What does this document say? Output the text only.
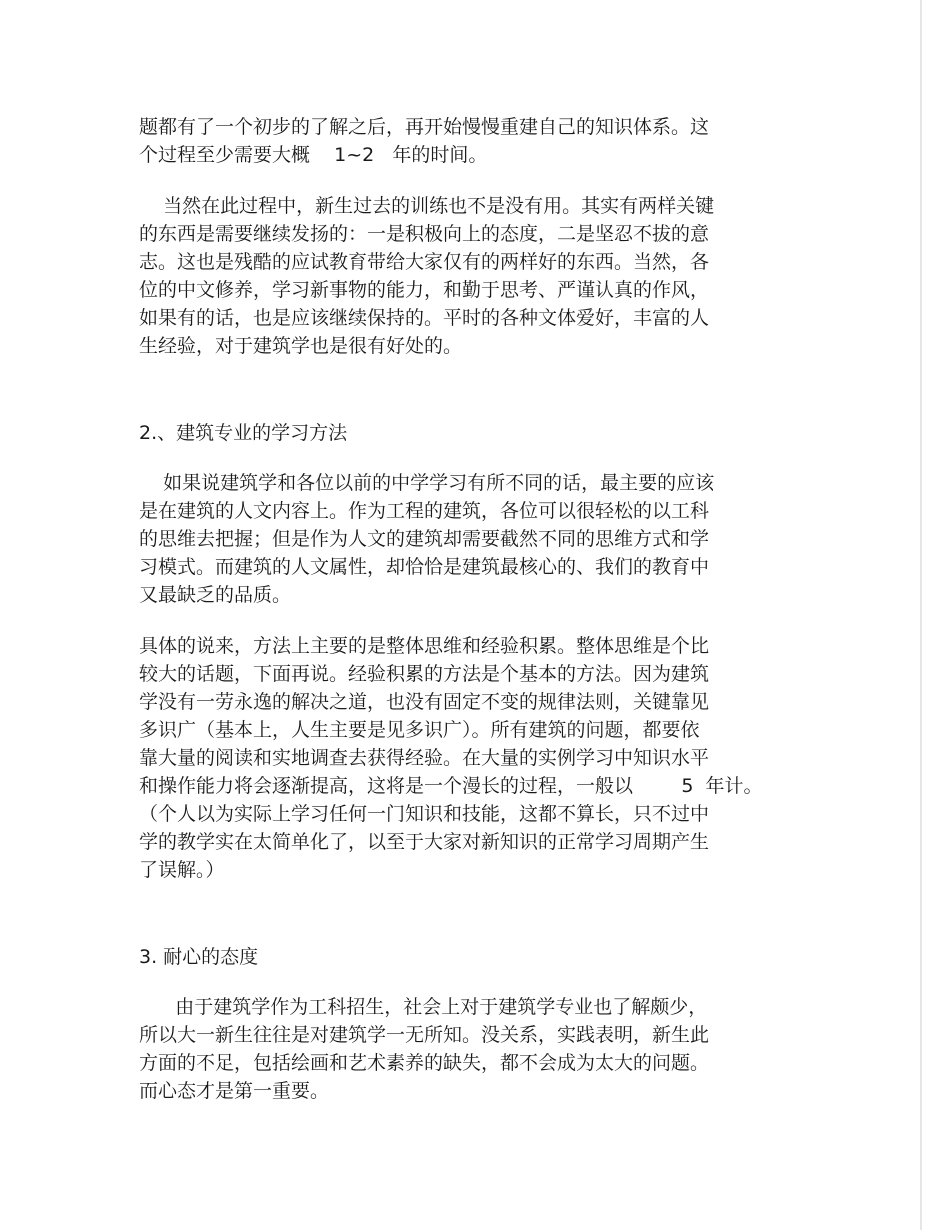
题都有了一个初步的了解之后，再开始慢慢重建自己的知识体系。这
个过程至少需要大概    1~2   年的时间。
当然在此过程中，新生过去的训练也不是没有用。其实有两样关键
的东西是需要继续发扬的：一是积极向上的态度，二是坚忍不拔的意
志。这也是残酷的应试教育带给大家仅有的两样好的东西。当然，各
位的中文修养，学习新事物的能力，和勤于思考、严谨认真的作风，
如果有的话，也是应该继续保持的。平时的各种文体爱好，丰富的人
生经验，对于建筑学也是很有好处的。
2.、建筑专业的学习方法
如果说建筑学和各位以前的中学学习有所不同的话，最主要的应该
是在建筑的人文内容上。作为工程的建筑，各位可以很轻松的以工科
的思维去把握；但是作为人文的建筑却需要截然不同的思维方式和学
习模式。而建筑的人文属性，却恰恰是建筑最核心的、我们的教育中
又最缺乏的品质。
具体的说来，方法上主要的是整体思维和经验积累。整体思维是个比
较大的话题，下面再说。经验积累的方法是个基本的方法。因为建筑
学没有一劳永逸的解决之道，也没有固定不变的规律法则，关键靠见
多识广（基本上，人生主要是见多识广）。所有建筑的问题，都要依
靠大量的阅读和实地调查去获得经验。在大量的实例学习中知识水平
和操作能力将会逐渐提高，这将是一个漫长的过程，一般以        5  年计。
（个人以为实际上学习任何一门知识和技能，这都不算长，只不过中
学的教学实在太简单化了，以至于大家对新知识的正常学习周期产生
了误解。）
3. 耐心的态度
由于建筑学作为工科招生，社会上对于建筑学专业也了解颇少，
所以大一新生往往是对建筑学一无所知。没关系，实践表明，新生此
方面的不足，包括绘画和艺术素养的缺失，都不会成为太大的问题。
而心态才是第一重要。
